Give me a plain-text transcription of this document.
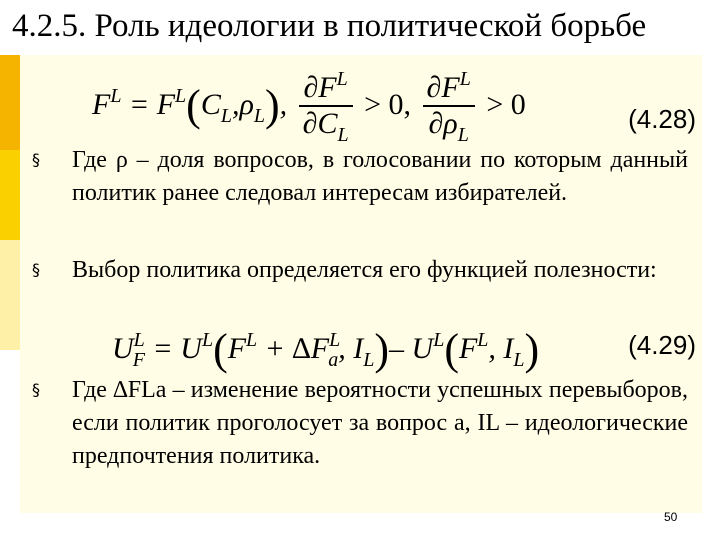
4.2.5. Роль идеологии в политической борьбе
$F^L = F^L(C_L,\rho_L)$, $\frac{\partial F^L}{\partial C_L} > 0$, $\frac{\partial F^L}{\partial\rho_L} > 0$	(4.28)
§ Где ρ – доля вопросов, в голосовании по которым данный политик ранее следовал интересам избирателей.
§ Выбор политика определяется его функцией полезности:
$U^L_F = U^L(F^L + \Delta F^L_a$, $I_L)-$ $U^L(F^L$, $I_L$)	(4.29)
§ Где ∆FLa – изменение вероятности успешных перевыборов, если политик проголосует за вопрос a, IL – идеологические предпочтения политика.
50
